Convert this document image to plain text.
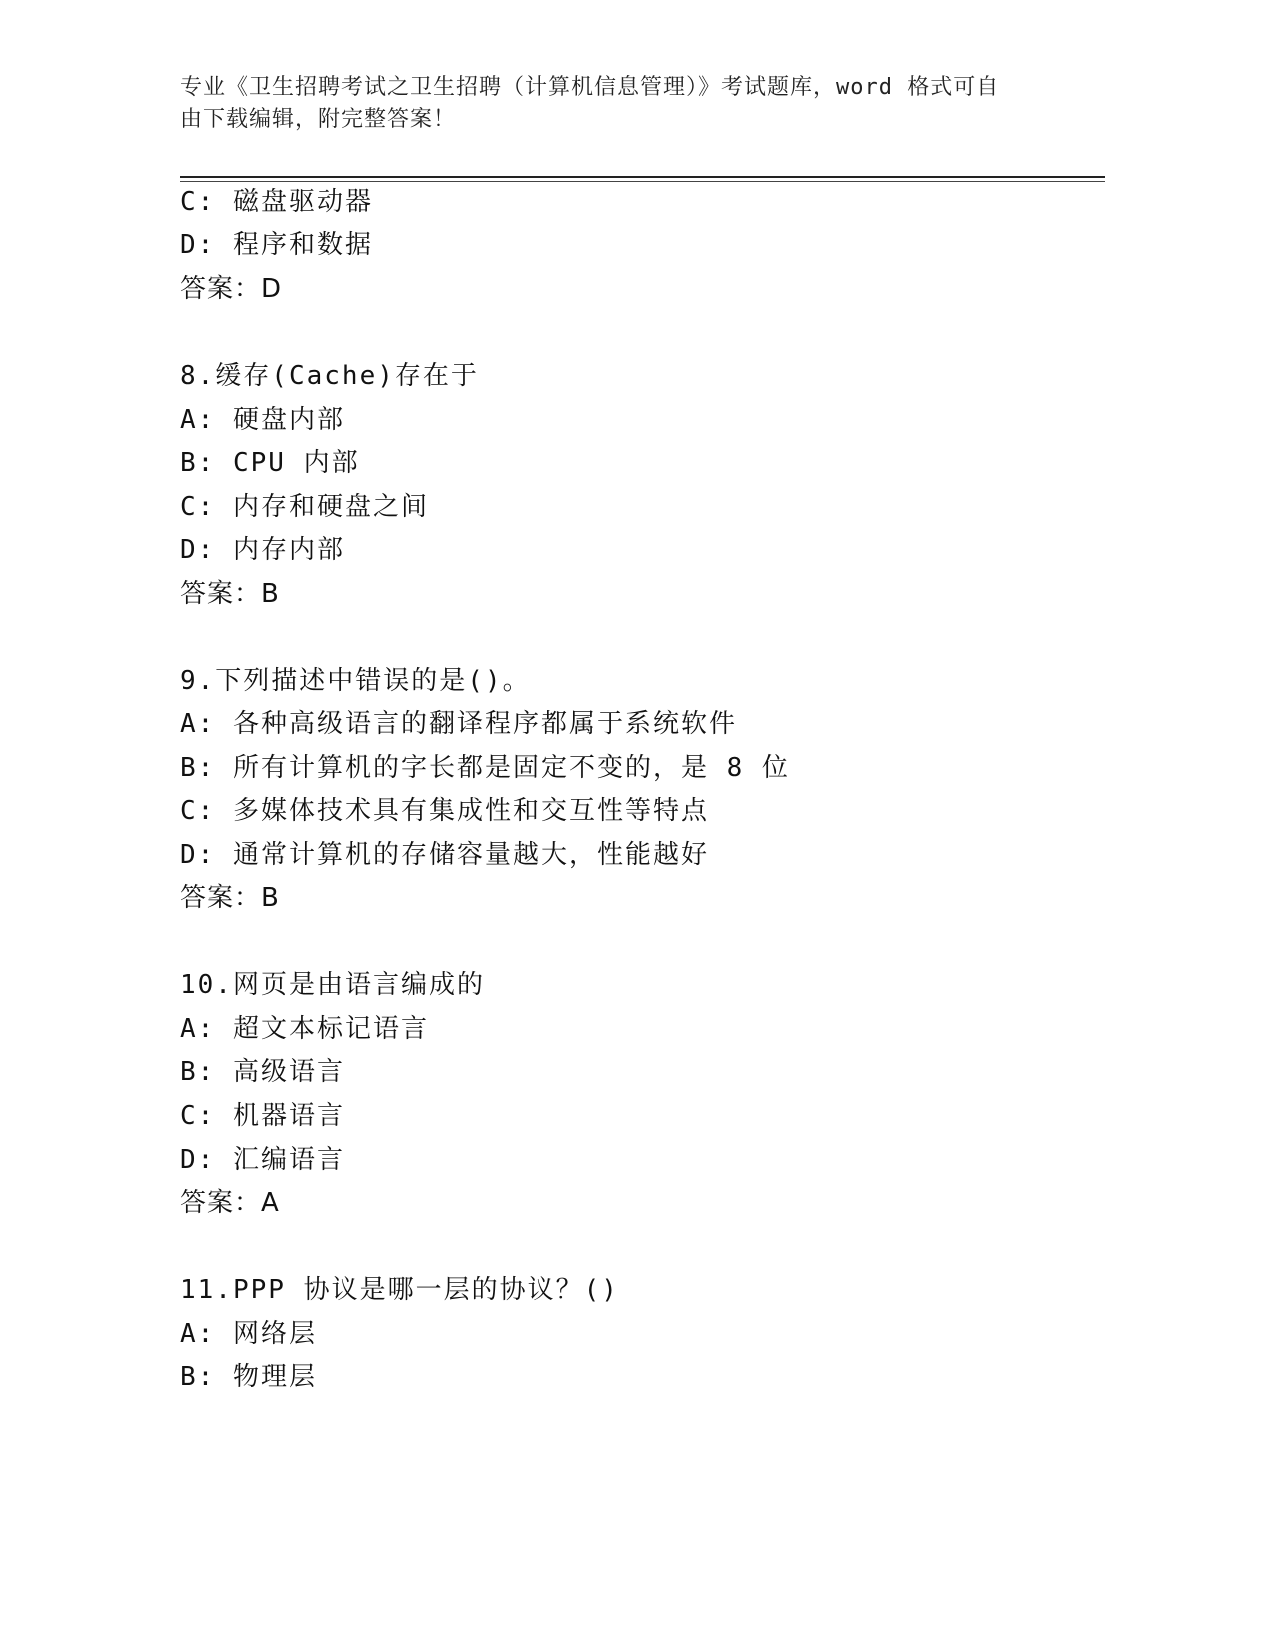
专业《卫生招聘考试之卫生招聘（计算机信息管理）》考试题库，word 格式可自
由下载编辑，附完整答案！
C: 磁盘驱动器
D: 程序和数据
答案：D
8.缓存(Cache)存在于
A: 硬盘内部
B: CPU 内部
C: 内存和硬盘之间
D: 内存内部
答案：B
9.下列描述中错误的是()。
A: 各种高级语言的翻译程序都属于系统软件
B: 所有计算机的字长都是固定不变的，是 8 位
C: 多媒体技术具有集成性和交互性等特点
D: 通常计算机的存储容量越大，性能越好
答案：B
10.网页是由语言编成的
A: 超文本标记语言
B: 高级语言
C: 机器语言
D: 汇编语言
答案：A
11.PPP 协议是哪一层的协议？()
A: 网络层
B: 物理层
